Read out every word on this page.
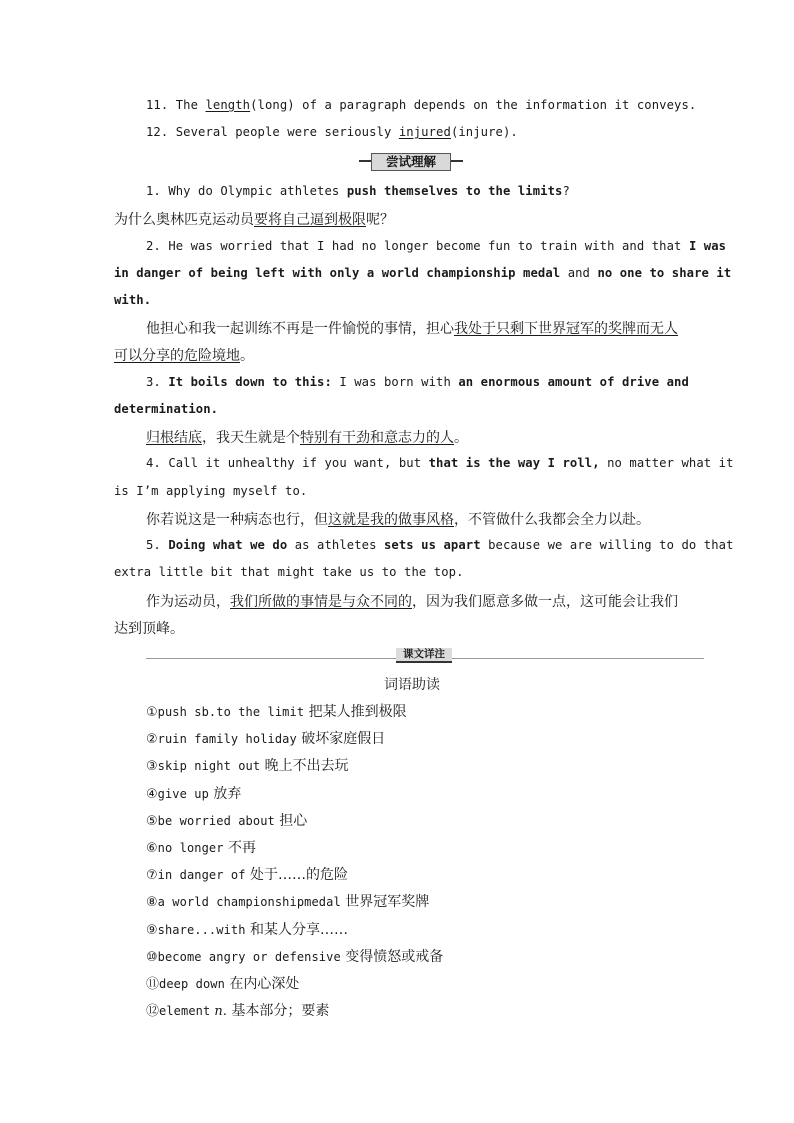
11. The length(long) of a paragraph depends on the information it conveys.
12. Several people were seriously injured(injure).
尝试理解
1. Why do Olympic athletes push themselves to the limits?
为什么奥林匹克运动员要将自己逼到极限呢？
2. He was worried that I had no longer become fun to train with and that I was
in danger of being left with only a world championship medal and no one to share it
with.
他担心和我一起训练不再是一件愉悦的事情，担心我处于只剩下世界冠军的奖牌而无人
可以分享的危险境地。
3. It boils down to this: I was born with an enormous amount of drive and
determination.
归根结底，我天生就是个特别有干劲和意志力的人。
4. Call it unhealthy if you want, but that is the way I roll, no matter what it
is I’m applying myself to.
你若说这是一种病态也行，但这就是我的做事风格，不管做什么我都会全力以赴。
5. Doing what we do as athletes sets us apart because we are willing to do that
extra little bit that might take us to the top.
作为运动员，我们所做的事情是与众不同的，因为我们愿意多做一点，这可能会让我们
达到顶峰。
课文详注
词语助读
①push sb.to the limit 把某人推到极限
②ruin family holiday 破坏家庭假日
③skip night out 晚上不出去玩
④give up 放弃
⑤be worried about 担心
⑥no longer 不再
⑦in danger of 处于……的危险
⑧a world championshipmedal 世界冠军奖牌
⑨share...with 和某人分享……
⑩become angry or defensive 变得愤怒或戒备
⑪deep down 在内心深处
⑫element n. 基本部分；要素
